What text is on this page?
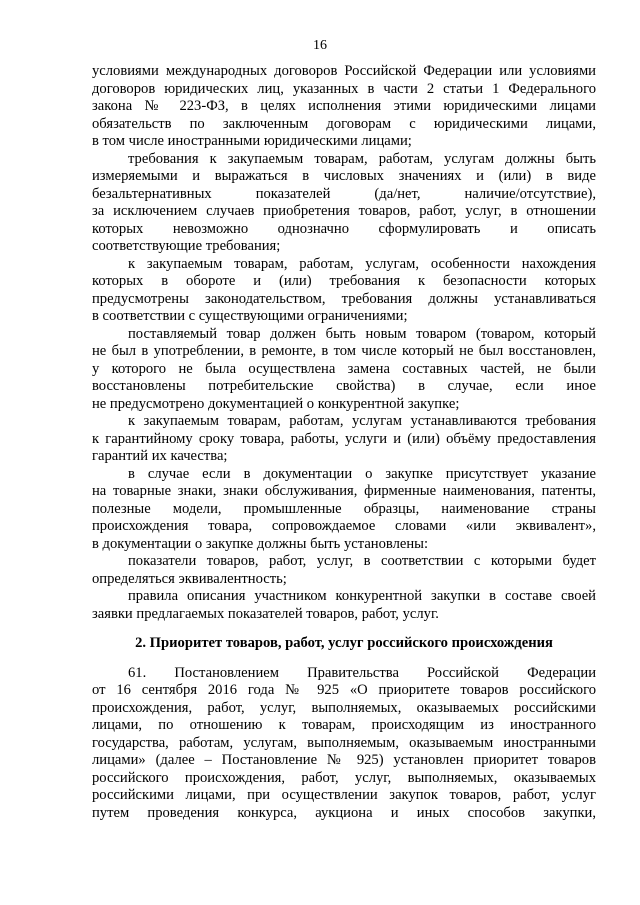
16
условиями международных договоров Российской Федерации или условиями
договоров юридических лиц, указанных в части 2 статьи 1 Федерального
закона № 223-ФЗ, в целях исполнения этими юридическими лицами
обязательств по заключенным договорам с юридическими лицами,
в том числе иностранными юридическими лицами;
требования к закупаемым товарам, работам, услугам должны быть
измеряемыми и выражаться в числовых значениях и (или) в виде
безальтернативных показателей (да/нет, наличие/отсутствие),
за исключением случаев приобретения товаров, работ, услуг, в отношении
которых невозможно однозначно сформулировать и описать
соответствующие требования;
к закупаемым товарам, работам, услугам, особенности нахождения
которых в обороте и (или) требования к безопасности которых
предусмотрены законодательством, требования должны устанавливаться
в соответствии с существующими ограничениями;
поставляемый товар должен быть новым товаром (товаром, который
не был в употреблении, в ремонте, в том числе который не был восстановлен,
у которого не была осуществлена замена составных частей, не были
восстановлены потребительские свойства) в случае, если иное
не предусмотрено документацией о конкурентной закупке;
к закупаемым товарам, работам, услугам устанавливаются требования
к гарантийному сроку товара, работы, услуги и (или) объёму предоставления
гарантий их качества;
в случае если в документации о закупке присутствует указание
на товарные знаки, знаки обслуживания, фирменные наименования, патенты,
полезные модели, промышленные образцы, наименование страны
происхождения товара, сопровождаемое словами «или эквивалент»,
в документации о закупке должны быть установлены:
показатели товаров, работ, услуг, в соответствии с которыми будет
определяться эквивалентность;
правила описания участником конкурентной закупки в составе своей
заявки предлагаемых показателей товаров, работ, услуг.
2. Приоритет товаров, работ, услуг российского происхождения
61. Постановлением Правительства Российской Федерации
от 16 сентября 2016 года № 925 «О приоритете товаров российского
происхождения, работ, услуг, выполняемых, оказываемых российскими
лицами, по отношению к товарам, происходящим из иностранного
государства, работам, услугам, выполняемым, оказываемым иностранными
лицами» (далее – Постановление № 925) установлен приоритет товаров
российского происхождения, работ, услуг, выполняемых, оказываемых
российскими лицами, при осуществлении закупок товаров, работ, услуг
путем проведения конкурса, аукциона и иных способов закупки,
